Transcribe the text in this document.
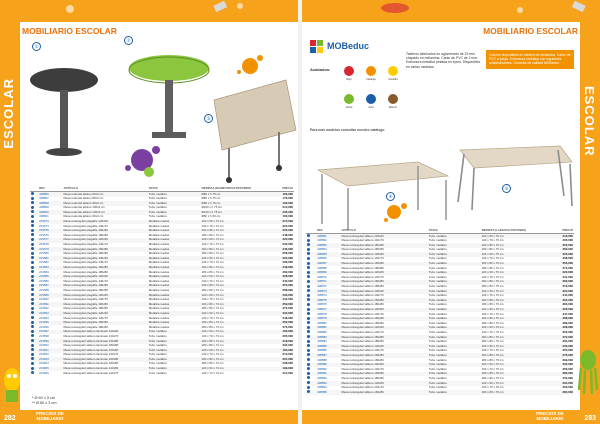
MOBILIARIO ESCOLAR
①
②
③
	REF.	ARTÍCULO	PATAS	MEDIDAS (DIÁMETRO/ALTO/FONDO)	PRECIO
	408896	Mesa redonda tablero 60x3 cm	Tubo metálico	Ø60 x h 75 cm	160,00€
	408897	Mesa redonda tablero 80x3 cm	Tubo metálico	Ø80 x h 75 cm	176,00€
	408898	Mesa redonda tablero 90x3 cm	Tubo metálico	Ø90 x h 75 cm	190,00€
	408899	Mesa redonda tablero 100x3 cm	Tubo metálico	Ø100 x h 75 cm	210,00€
	408900	Mesa redonda tablero 120x3 cm	Tubo metálico	Ø120 x h 75 cm	235,00€
	408901	Mesa redonda tablero 60x3 cm	Tubo metálico	Ø60 x h 60 cm	160,00€
	201573	Mesa rectangular plegable 120x60	Metálica ruedas	120 x 60 x 74 cm	215,00€
	201574	Mesa rectangular plegable 140x70	Metálica ruedas	140 x 70 x 74 cm	225,00€
	201575	Mesa rectangular plegable 160x80	Metálica ruedas	160 x 80 x 74 cm	235,00€
	201576	Mesa rectangular plegable 180x80	Metálica ruedas	180 x 80 x 74 cm	248,00€
	201577	Mesa rectangular plegable 120x60	Metálica ruedas	120 x 60 x 74 cm	220,00€
	201578	Mesa rectangular plegable 140x70	Metálica ruedas	140 x 70 x 74 cm	232,00€
	201579	Mesa rectangular plegable 160x80	Metálica ruedas	160 x 80 x 74 cm	245,00€
	201580	Mesa rectangular plegable 180x80	Metálica ruedas	180 x 80 x 74 cm	258,00€
	201581	Mesa rectangular plegable 120x60	Metálica ruedas	120 x 60 x 74 cm	222,00€
	201582	Mesa rectangular plegable 140x70	Metálica ruedas	140 x 70 x 74 cm	236,00€
	201583	Mesa rectangular plegable 160x80	Metálica ruedas	160 x 80 x 74 cm	249,00€
	201584	Mesa rectangular plegable 180x80	Metálica ruedas	180 x 80 x 74 cm	262,00€
	201585	Mesa rectangular plegable 120x60	Metálica ruedas	120 x 60 x 74 cm	228,00€
	201586	Mesa rectangular plegable 140x70	Metálica ruedas	140 x 70 x 74 cm	240,00€
	201587	Mesa rectangular plegable 160x80	Metálica ruedas	160 x 80 x 74 cm	254,00€
	201588	Mesa rectangular plegable 180x80	Metálica ruedas	180 x 80 x 74 cm	268,00€
	201589	Mesa rectangular plegable 120x60	Metálica ruedas	120 x 60 x 74 cm	230,00€
	201590	Mesa rectangular plegable 140x70	Metálica ruedas	140 x 70 x 74 cm	244,00€
	201591	Mesa rectangular plegable 160x80	Metálica ruedas	160 x 80 x 74 cm	259,00€
	201592	Mesa rectangular plegable 180x80	Metálica ruedas	180 x 80 x 74 cm	272,00€
	201593	Mesa rectangular plegable 120x60	Metálica ruedas	120 x 60 x 74 cm	234,00€
	201594	Mesa rectangular plegable 140x70	Metálica ruedas	140 x 70 x 74 cm	248,00€
	201595	Mesa rectangular plegable 160x80	Metálica ruedas	160 x 80 x 74 cm	262,00€
	201596	Mesa rectangular plegable 180x80	Metálica ruedas	180 x 80 x 74 cm	276,00€
	201597	Mesa rectangular tablero laminado 120x60	Tubo metálico	120 x 60 x 74 cm	190,00€
	201598	Mesa rectangular tablero laminado 140x70	Tubo metálico	140 x 70 x 74 cm	205,00€
	201599	Mesa rectangular tablero laminado 160x80	Tubo metálico	160 x 80 x 74 cm	218,00€
	201600	Mesa rectangular tablero laminado 180x80	Tubo metálico	180 x 80 x 74 cm	232,00€
	201601	Mesa rectangular tablero laminado 120x60	Tubo metálico	120 x 60 x 74 cm	195,00€
	201602	Mesa rectangular tablero laminado 140x70	Tubo metálico	140 x 70 x 74 cm	210,00€
	201603	Mesa rectangular tablero laminado 160x80	Tubo metálico	160 x 80 x 74 cm	224,00€
	201604	Mesa rectangular tablero laminado 180x80	Tubo metálico	180 x 80 x 74 cm	238,00€
	201605	Mesa rectangular tablero laminado 120x60	Tubo metálico	120 x 60 x 74 cm	199,00€
	201606	Mesa rectangular tablero laminado 140x70	Tubo metálico	140 x 70 x 74 cm	214,00€
* Ø 60 x 3 cm
** Ø 80 x 3 cm
ESCOLAR
282
PRECIOS DE MOBILIARIO
MOBILIARIO ESCOLAR
MOBeduc
Acabados:
Rojo	Naranja	Amarillo
Verde	Azul	Marrón
Para más modelos consultar nuestro catálogo
Tableros fabricados en aglomerado de 19 mm chapado en melamina. Canto de PVC de 2 mm. Estructura metálica pintada en epoxi. Disponibles en varias medidas.
Colores disponibles en tablero de melamina. Canto de PVC a juego. Estructura metálica con regatones antideslizantes. Garantía de calidad MOBeduc.
④
⑤
	REF.	ARTÍCULO	PATAS	MEDIDAS (LARGO/ALTO/FONDO)	PRECIO
	408861	Mesa rectangular tablero 120x60	Tubo metálico	120 x 60 x 76 cm	318,00€
	408862	Mesa rectangular tablero 140x70	Tubo metálico	140 x 70 x 76 cm	335,00€
	408863	Mesa rectangular tablero 160x80	Tubo metálico	160 x 80 x 76 cm	352,00€
	408864	Mesa rectangular tablero 180x80	Tubo metálico	180 x 80 x 76 cm	369,00€
	408865	Mesa rectangular tablero 120x60	Tubo metálico	120 x 60 x 76 cm	320,00€
	408866	Mesa rectangular tablero 140x70	Tubo metálico	140 x 70 x 76 cm	338,00€
	408867	Mesa rectangular tablero 160x80	Tubo metálico	160 x 80 x 76 cm	356,00€
	408868	Mesa rectangular tablero 180x80	Tubo metálico	180 x 80 x 76 cm	374,00€
	408869	Mesa rectangular tablero 120x60	Tubo metálico	120 x 60 x 76 cm	322,00€
	408870	Mesa rectangular tablero 140x70	Tubo metálico	140 x 70 x 76 cm	341,00€
	408871	Mesa rectangular tablero 160x80	Tubo metálico	160 x 80 x 76 cm	360,00€
	408872	Mesa rectangular tablero 180x80	Tubo metálico	180 x 80 x 76 cm	379,00€
	408873	Mesa rectangular tablero 120x60	Tubo metálico	120 x 60 x 76 cm	324,00€
	408874	Mesa rectangular tablero 140x70	Tubo metálico	140 x 70 x 76 cm	344,00€
	408875	Mesa rectangular tablero 160x80	Tubo metálico	160 x 80 x 76 cm	364,00€
	408876	Mesa rectangular tablero 180x80	Tubo metálico	180 x 80 x 76 cm	384,00€
	408877	Mesa rectangular tablero 120x60	Tubo metálico	120 x 60 x 76 cm	326,00€
	408878	Mesa rectangular tablero 140x70	Tubo metálico	140 x 70 x 76 cm	347,00€
	408879	Mesa rectangular tablero 160x80	Tubo metálico	160 x 80 x 76 cm	368,00€
	408880	Mesa rectangular tablero 180x80	Tubo metálico	180 x 80 x 76 cm	389,00€
	408881	Mesa rectangular tablero 120x60	Tubo metálico	120 x 60 x 76 cm	328,00€
	408882	Mesa rectangular tablero 140x70	Tubo metálico	140 x 70 x 76 cm	350,00€
	408883	Mesa rectangular tablero 160x80	Tubo metálico	160 x 80 x 76 cm	372,00€
	408884	Mesa rectangular tablero 180x80	Tubo metálico	180 x 80 x 76 cm	394,00€
	408885	Mesa rectangular tablero 120x60	Tubo metálico	120 x 60 x 76 cm	330,00€
	408886	Mesa rectangular tablero 140x70	Tubo metálico	140 x 70 x 76 cm	353,00€
	408887	Mesa rectangular tablero 160x80	Tubo metálico	160 x 80 x 76 cm	376,00€
	408888	Mesa rectangular tablero 180x80	Tubo metálico	180 x 80 x 76 cm	399,00€
	408889	Mesa rectangular tablero 120x60	Tubo metálico	120 x 60 x 76 cm	332,00€
	408890	Mesa rectangular tablero 140x70	Tubo metálico	140 x 70 x 76 cm	356,00€
	408891	Mesa rectangular tablero 160x80	Tubo metálico	160 x 80 x 76 cm	380,00€
	408892	Mesa rectangular tablero 180x80	Tubo metálico	180 x 80 x 76 cm	404,00€
	408893	Mesa rectangular tablero 120x60	Tubo metálico	120 x 60 x 76 cm	334,00€
	408894	Mesa rectangular tablero 140x70	Tubo metálico	140 x 70 x 76 cm	359,00€
	408895	Mesa rectangular tablero 160x80	Tubo metálico	160 x 80 x 76 cm	384,00€
ESCOLAR
283
PRECIOS DE MOBILIARIO
